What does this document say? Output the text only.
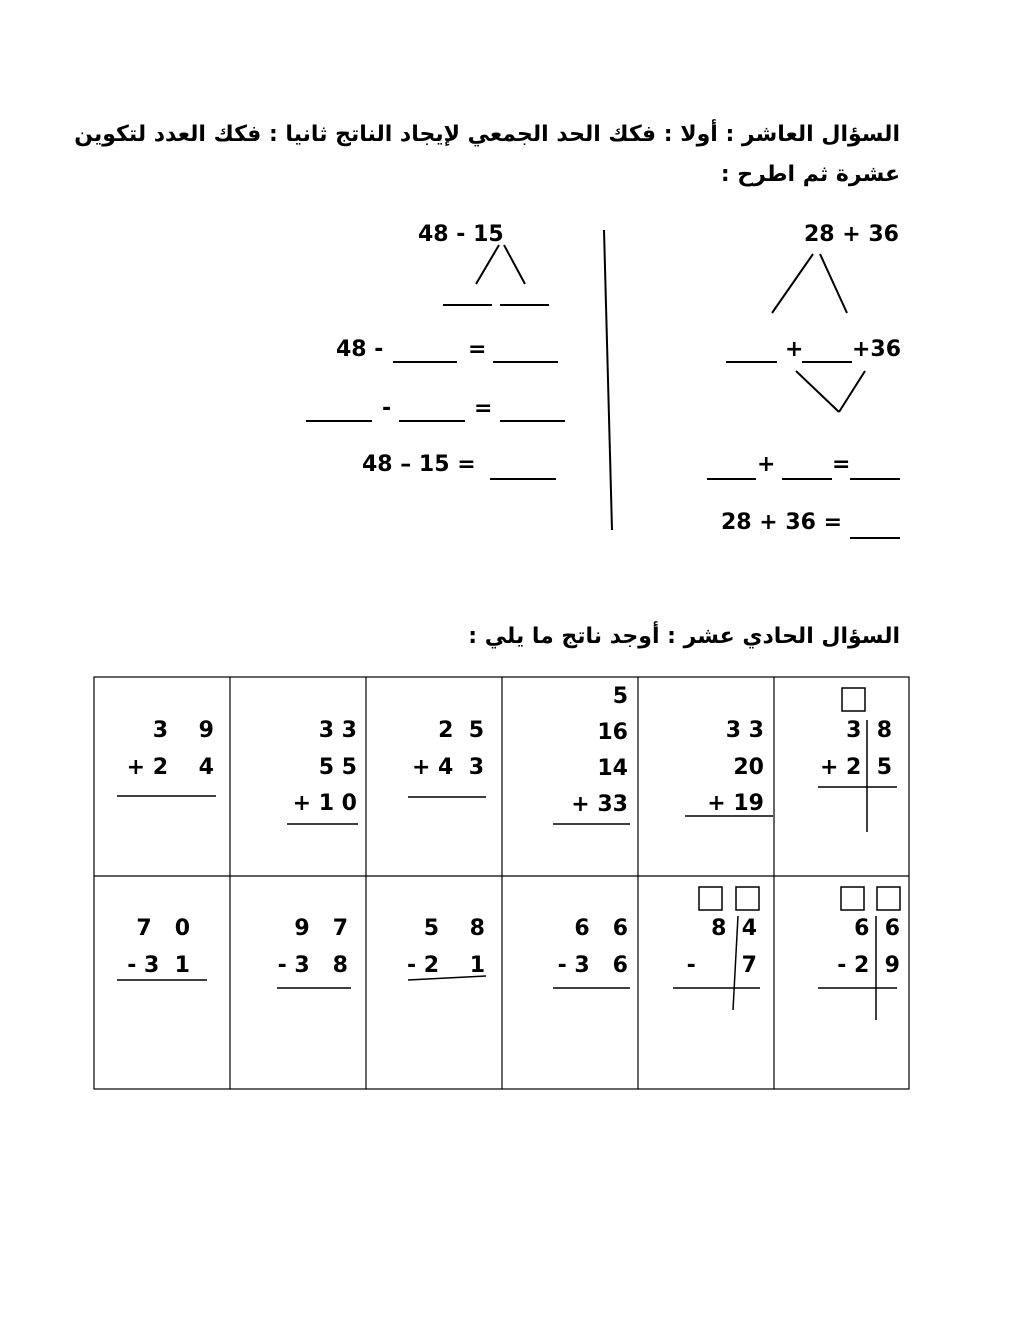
السؤال العاشر : أولا : فكك الحد الجمعي لإيجاد الناتج ثانيا : فكك العدد لتكوين
عشرة ثم اطرح :
28 + 36
+36
+
+	=
28 + 36 =
48 - 15
48 -	=
-	=
48 – 15 =
السؤال الحادي عشر : أوجد ناتج ما يلي :
3  8
+ 2  5
3 3
20
+ 19
5
16
14
+ 33
2  5
+ 4  3
3 3
5 5
+ 1 0
3    9
+ 2    4
6  6
- 2  9
8  4
-      7
6   6
- 3   6
5    8
- 2    1
9   7
- 3   8
7   0
- 3  1
